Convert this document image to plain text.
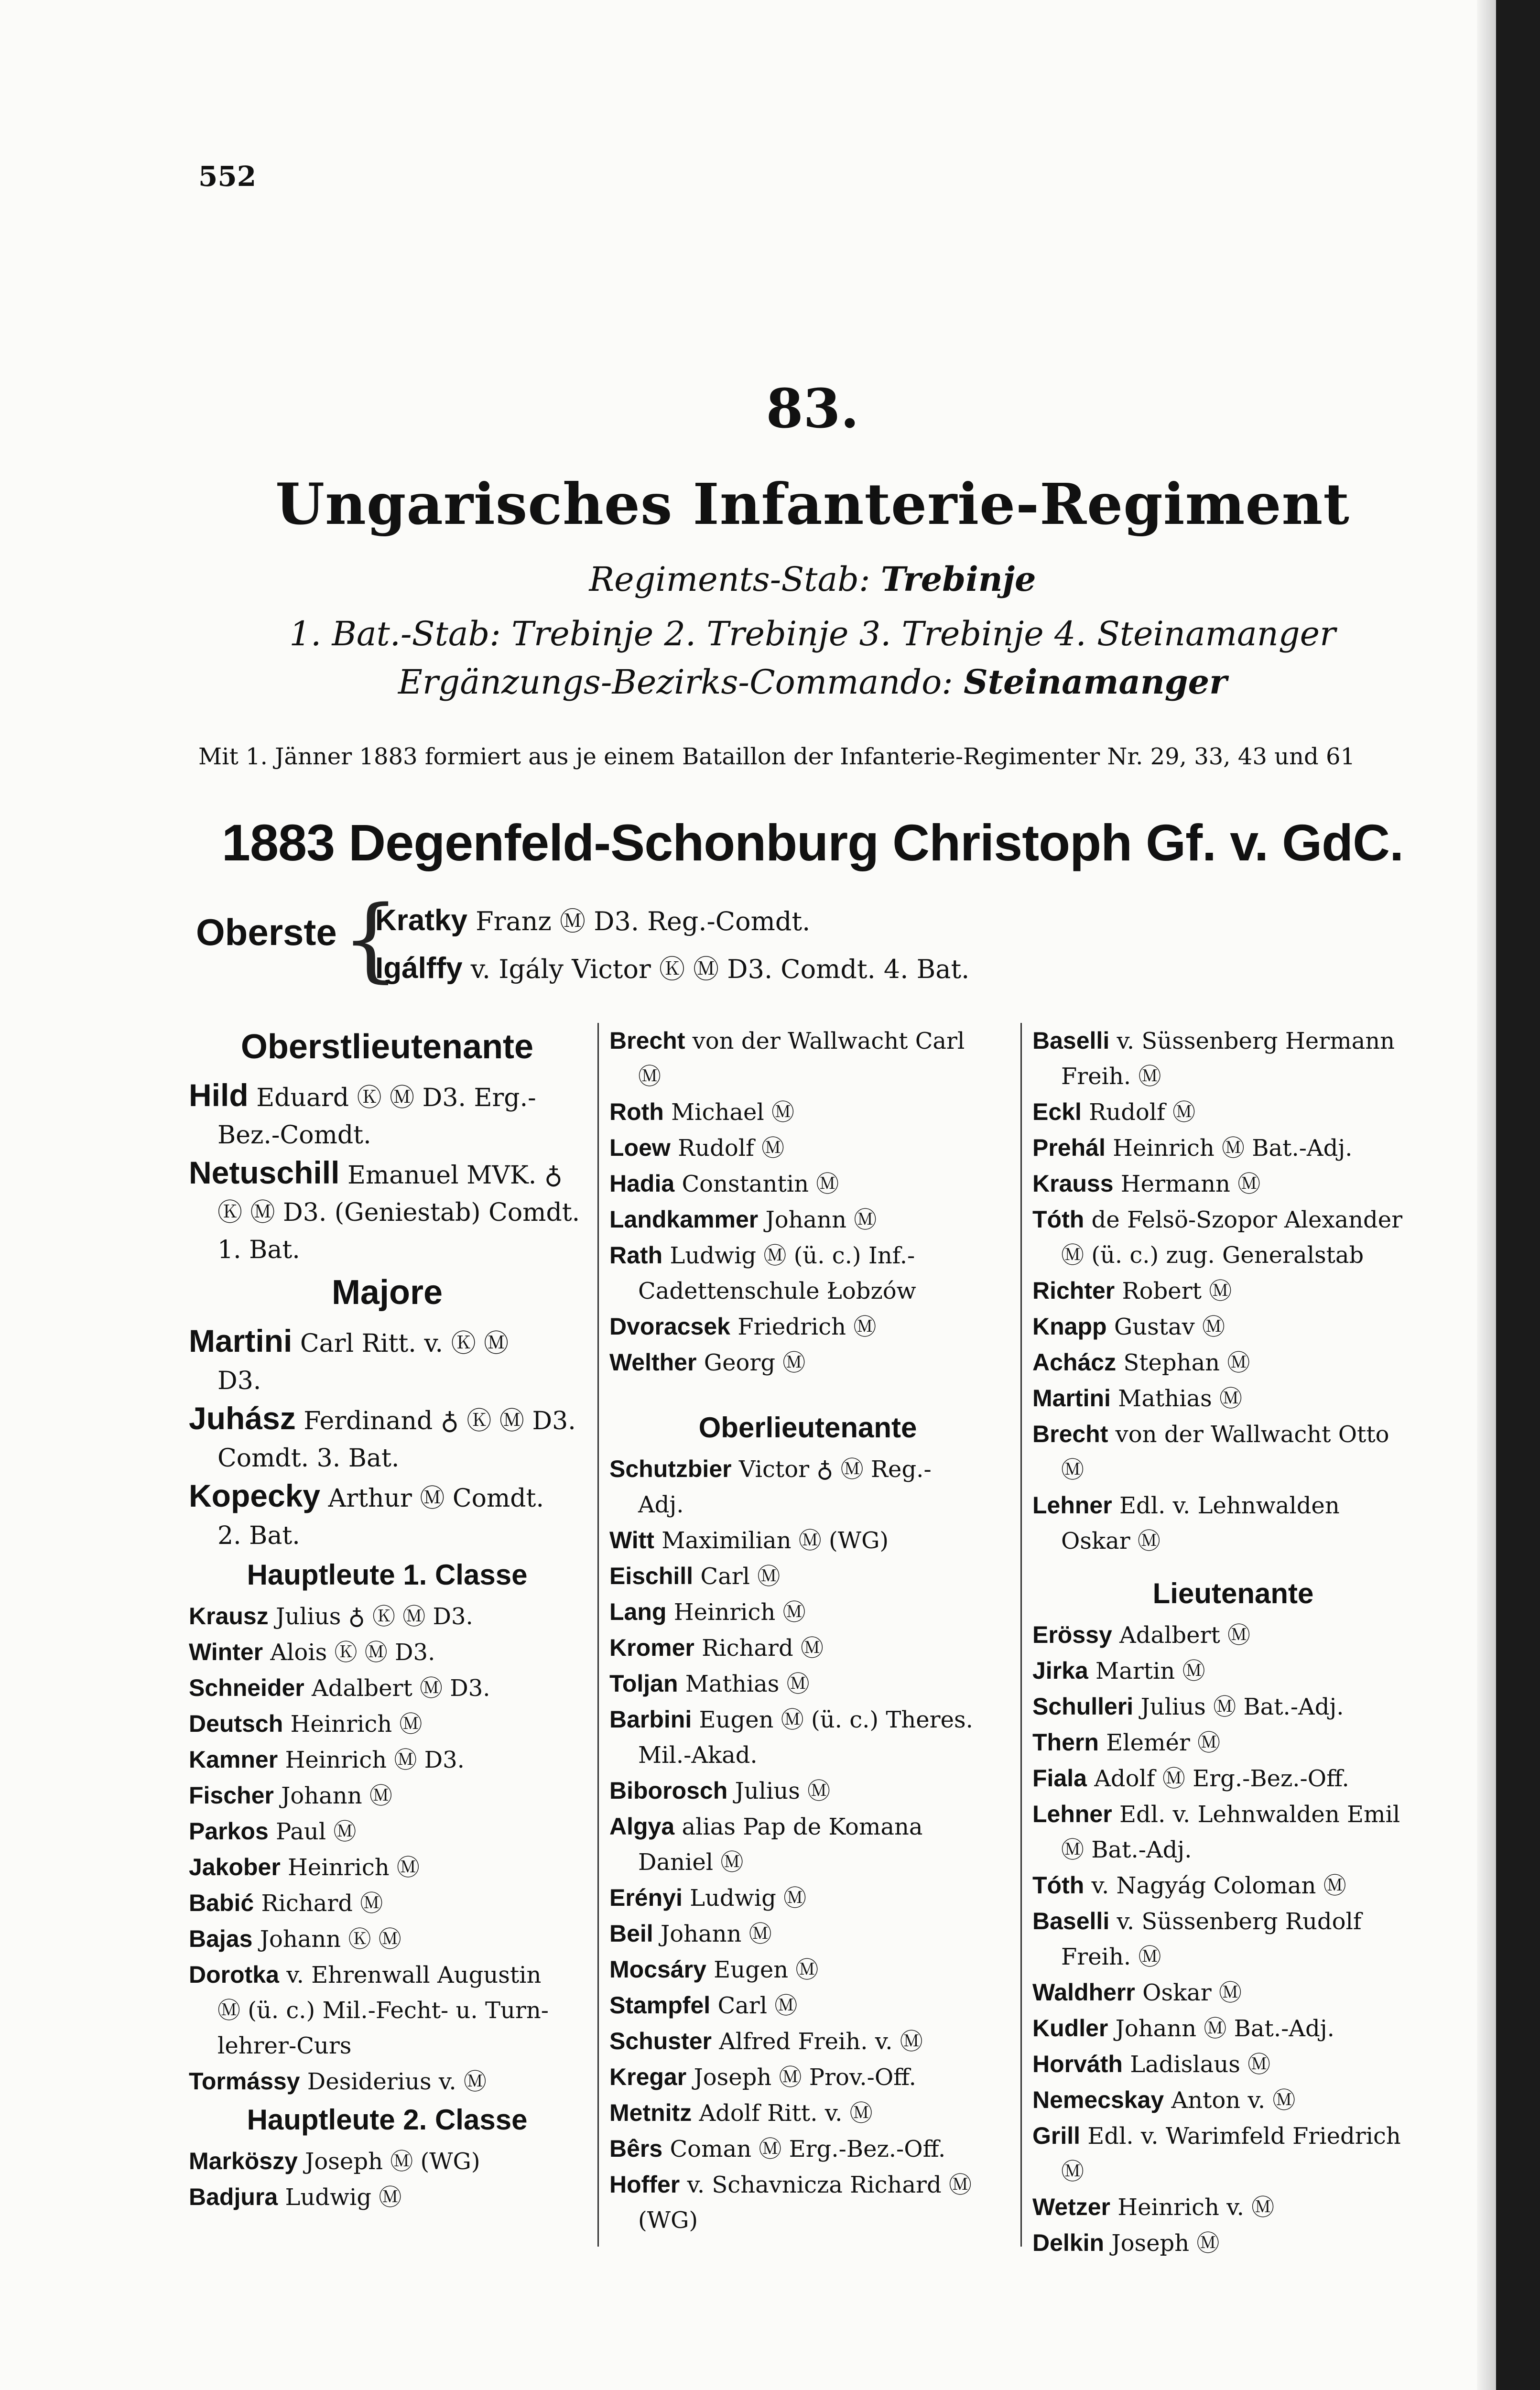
552
83.
Ungarisches Infanterie-Regiment
Regiments-Stab: Trebinje
1. Bat.-Stab: Trebinje 2. Trebinje 3. Trebinje 4. Steinamanger
Ergänzungs-Bezirks-Commando: Steinamanger
Mit 1. Jänner 1883 formiert aus je einem Bataillon der Infanterie-Regimenter Nr. 29, 33, 43 und 61
1883 Degenfeld-Schonburg Christoph Gf. v. GdC.
Oberste {
Kratky Franz Ⓜ D3. Reg.-Comdt.
Igálffy v. Igály Victor Ⓚ Ⓜ D3. Comdt. 4. Bat.
Oberstlieutenante
Hild Eduard Ⓚ Ⓜ D3. Erg.-
Bez.-Comdt.
Netuschill Emanuel MVK. ♁
Ⓚ Ⓜ D3. (Geniestab) Comdt. 1. Bat.
Majore
Martini Carl Ritt. v. Ⓚ Ⓜ
D3.
Juhász Ferdinand ♁ Ⓚ Ⓜ D3.
Comdt. 3. Bat.
Kopecky Arthur Ⓜ Comdt.
2. Bat.
Hauptleute 1. Classe
Krausz Julius ♁ Ⓚ Ⓜ D3.
Winter Alois Ⓚ Ⓜ D3.
Schneider Adalbert Ⓜ D3.
Deutsch Heinrich Ⓜ
Kamner Heinrich Ⓜ D3.
Fischer Johann Ⓜ
Parkos Paul Ⓜ
Jakober Heinrich Ⓜ
Babić Richard Ⓜ
Bajas Johann Ⓚ Ⓜ
Dorotka v. Ehrenwall Augustin
Ⓜ (ü. c.) Mil.-Fecht- u. Turn-lehrer-Curs
Tormássy Desiderius v. Ⓜ
Hauptleute 2. Classe
Marköszy Joseph Ⓜ (WG)
Badjura Ludwig Ⓜ
Brecht von der Wallwacht Carl
Ⓜ
Roth Michael Ⓜ
Loew Rudolf Ⓜ
Hadia Constantin Ⓜ
Landkammer Johann Ⓜ
Rath Ludwig Ⓜ (ü. c.) Inf.-
Cadettenschule Łobzów
Dvoracsek Friedrich Ⓜ
Welther Georg Ⓜ
Oberlieutenante
Schutzbier Victor ♁ Ⓜ Reg.-
Adj.
Witt Maximilian Ⓜ (WG)
Eischill Carl Ⓜ
Lang Heinrich Ⓜ
Kromer Richard Ⓜ
Toljan Mathias Ⓜ
Barbini Eugen Ⓜ (ü. c.) Theres.
Mil.-Akad.
Biborosch Julius Ⓜ
Algya alias Pap de Komana
Daniel Ⓜ
Erényi Ludwig Ⓜ
Beil Johann Ⓜ
Mocsáry Eugen Ⓜ
Stampfel Carl Ⓜ
Schuster Alfred Freih. v. Ⓜ
Kregar Joseph Ⓜ Prov.-Off.
Metnitz Adolf Ritt. v. Ⓜ
Bêrs Coman Ⓜ Erg.-Bez.-Off.
Hoffer v. Schavnicza Richard Ⓜ
(WG)
Baselli v. Süssenberg Hermann
Freih. Ⓜ
Eckl Rudolf Ⓜ
Prehál Heinrich Ⓜ Bat.-Adj.
Krauss Hermann Ⓜ
Tóth de Felsö-Szopor Alexander
Ⓜ (ü. c.) zug. Generalstab
Richter Robert Ⓜ
Knapp Gustav Ⓜ
Achácz Stephan Ⓜ
Martini Mathias Ⓜ
Brecht von der Wallwacht Otto
Ⓜ
Lehner Edl. v. Lehnwalden
Oskar Ⓜ
Lieutenante
Erössy Adalbert Ⓜ
Jirka Martin Ⓜ
Schulleri Julius Ⓜ Bat.-Adj.
Thern Elemér Ⓜ
Fiala Adolf Ⓜ Erg.-Bez.-Off.
Lehner Edl. v. Lehnwalden Emil
Ⓜ Bat.-Adj.
Tóth v. Nagyág Coloman Ⓜ
Baselli v. Süssenberg Rudolf
Freih. Ⓜ
Waldherr Oskar Ⓜ
Kudler Johann Ⓜ Bat.-Adj.
Horváth Ladislaus Ⓜ
Nemecskay Anton v. Ⓜ
Grill Edl. v. Warimfeld Friedrich
Ⓜ
Wetzer Heinrich v. Ⓜ
Delkin Joseph Ⓜ
